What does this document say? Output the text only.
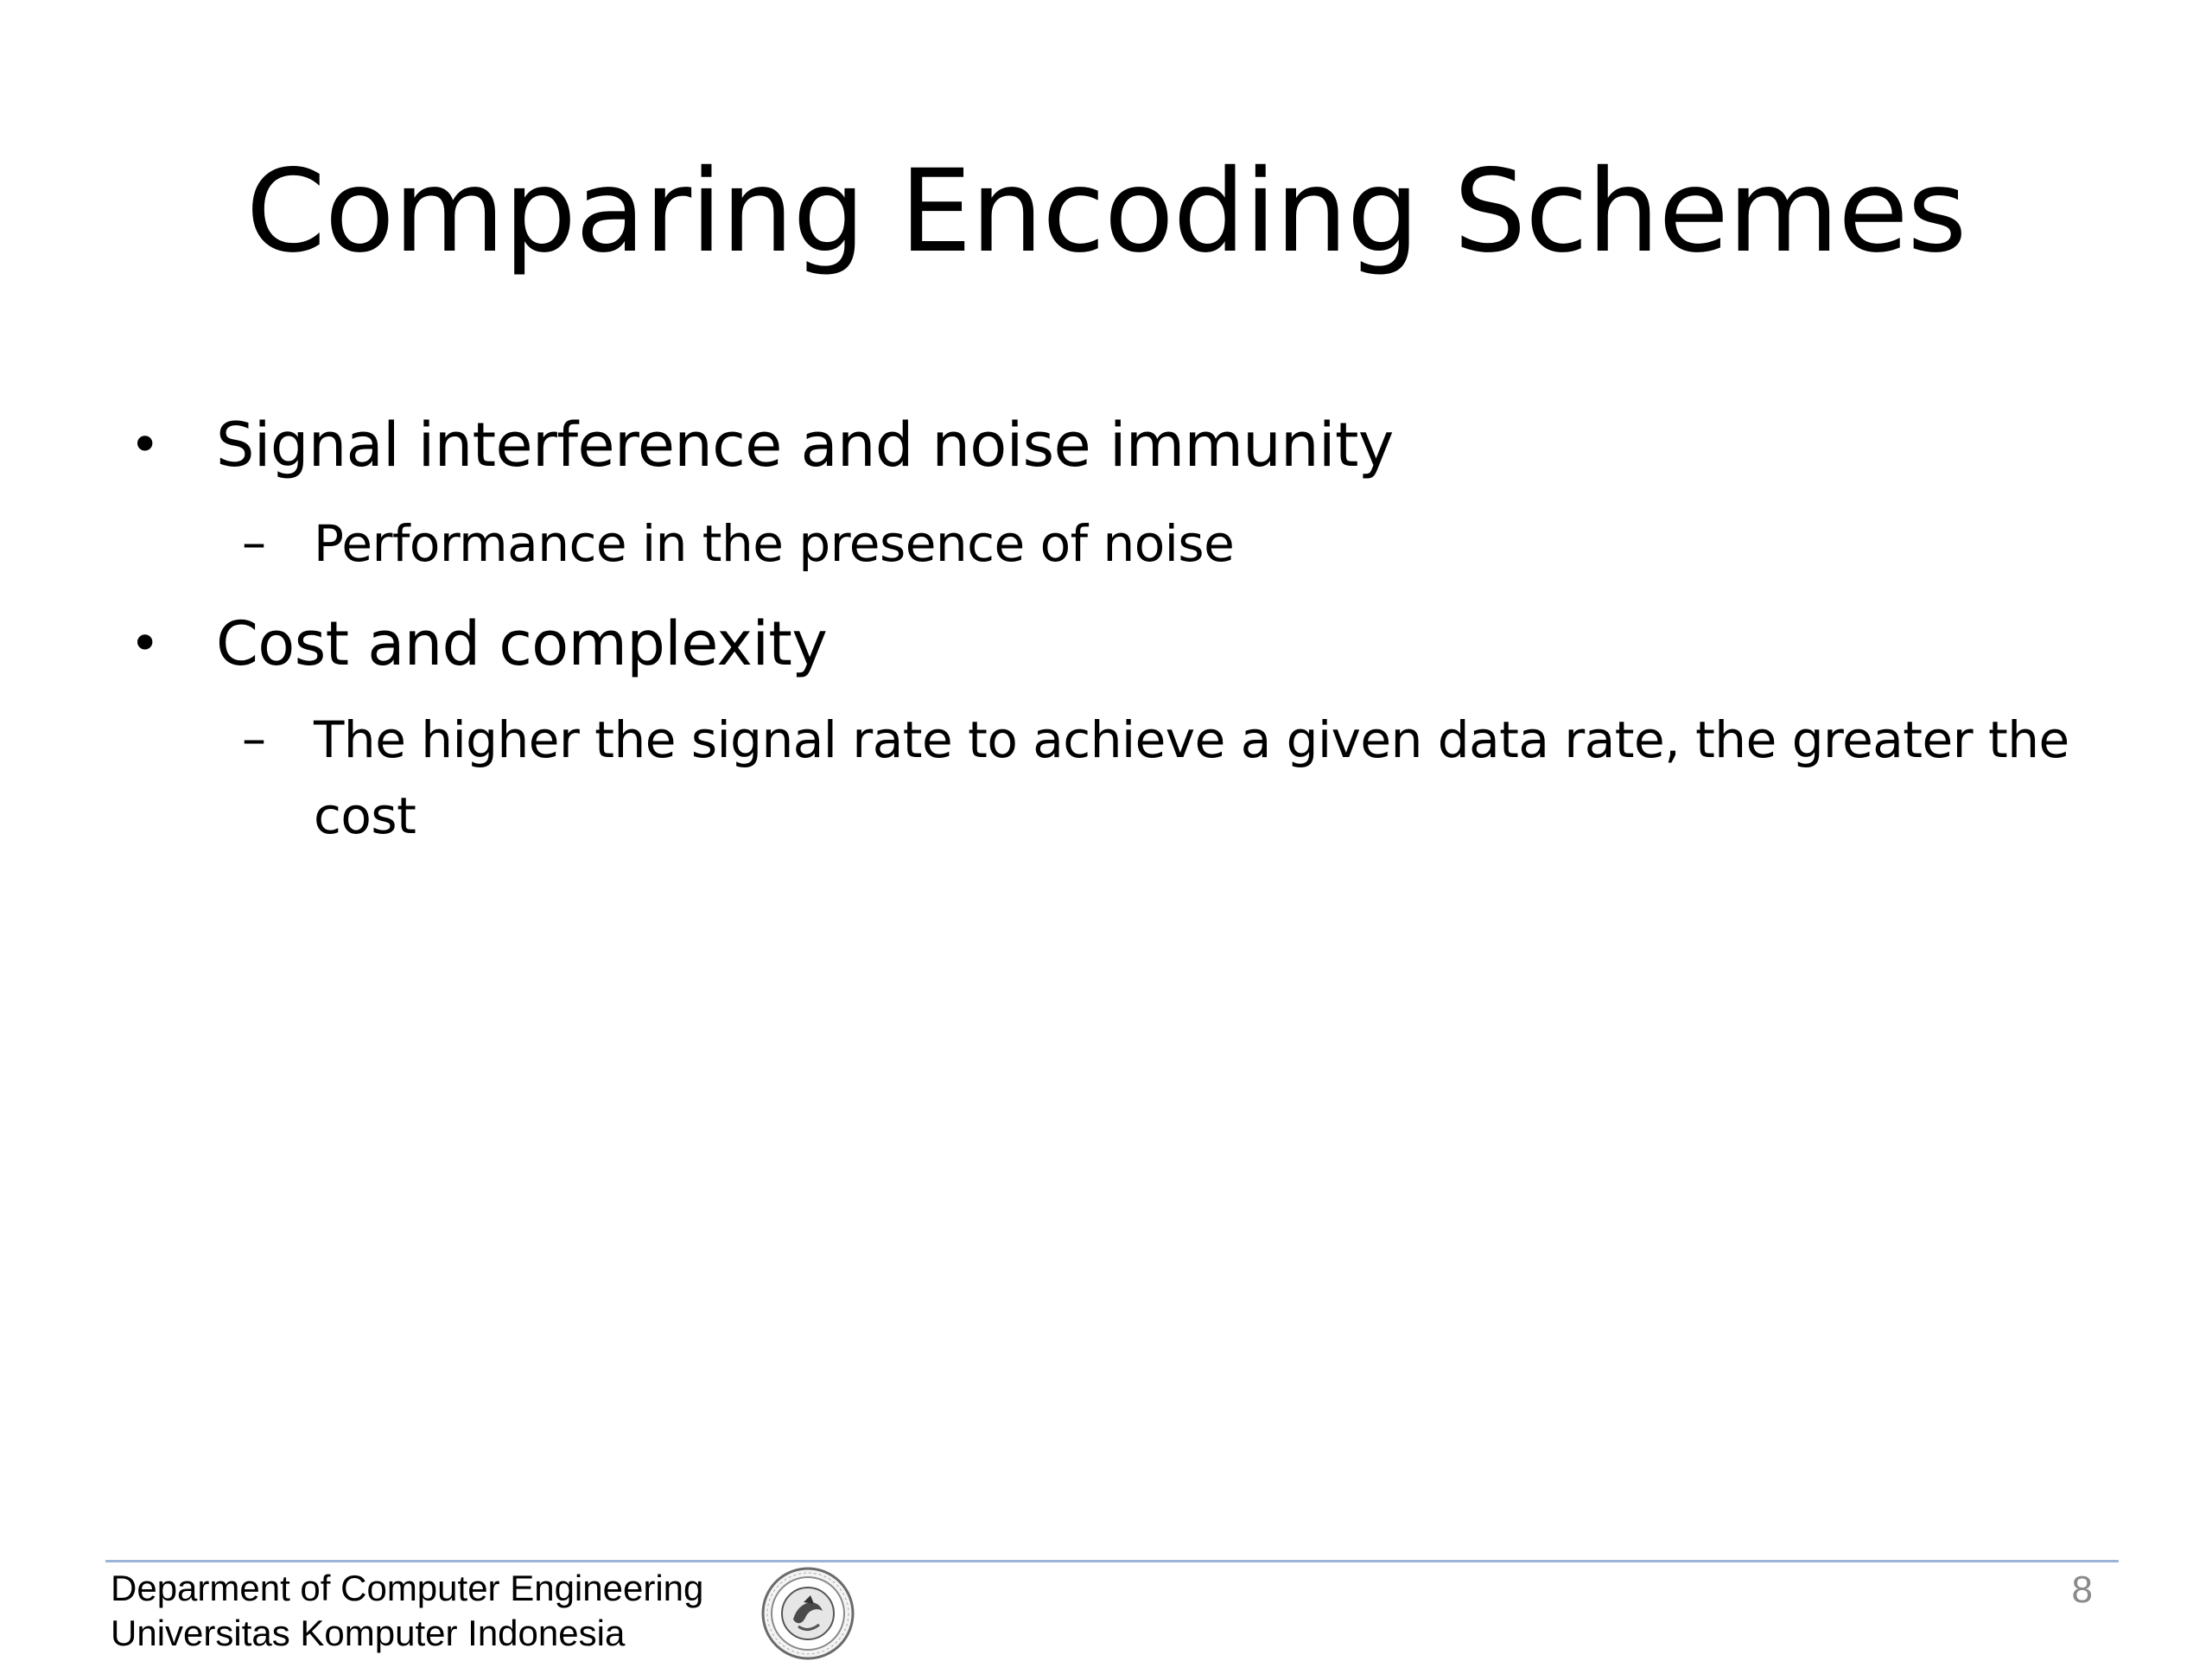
Comparing Encoding Schemes
• Signal interference and noise immunity
– Performance in the presence of noise
• Cost and complexity
– The higher the signal rate to achieve a given data rate, the greater the cost
Deparment of Computer Engineering
Universitas Komputer Indonesia
8
